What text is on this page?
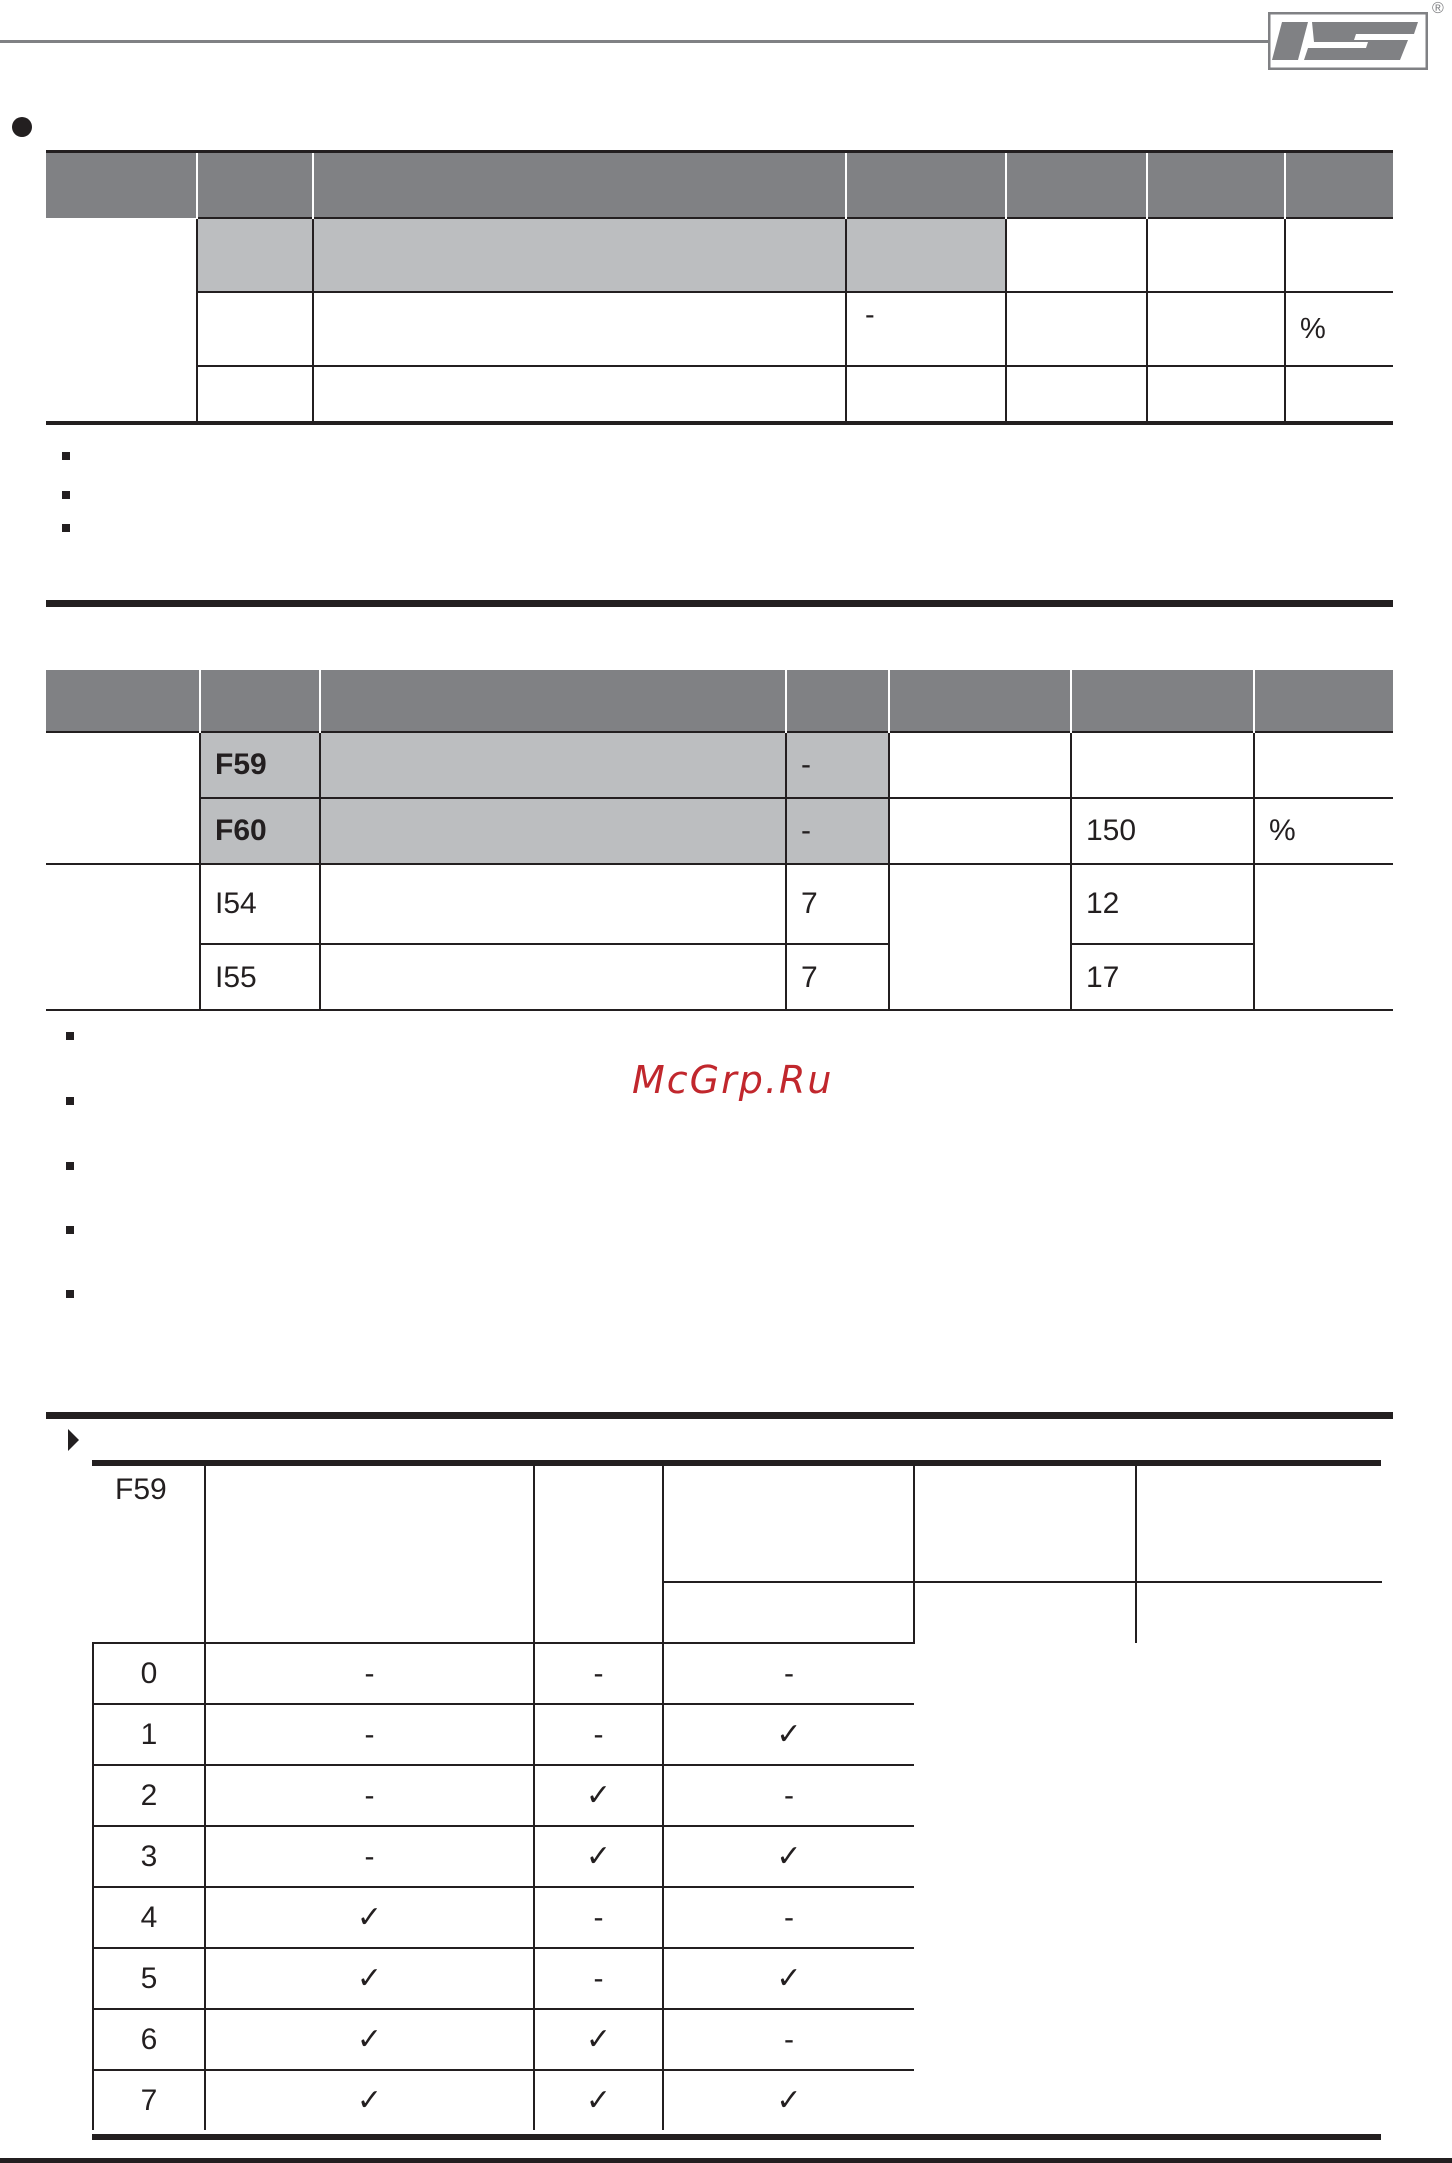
®

			-			%

	F59		-			
	F60		-		150	%
	I54		7		12	
	I55		7		17	
McGrp.Ru
F59					

0	-	-	-		
1	-	-	✓		
2	-	✓	-		
3	-	✓	✓		
4	✓	-	-		
5	✓	-	✓		
6	✓	✓	-		
7	✓	✓	✓		
